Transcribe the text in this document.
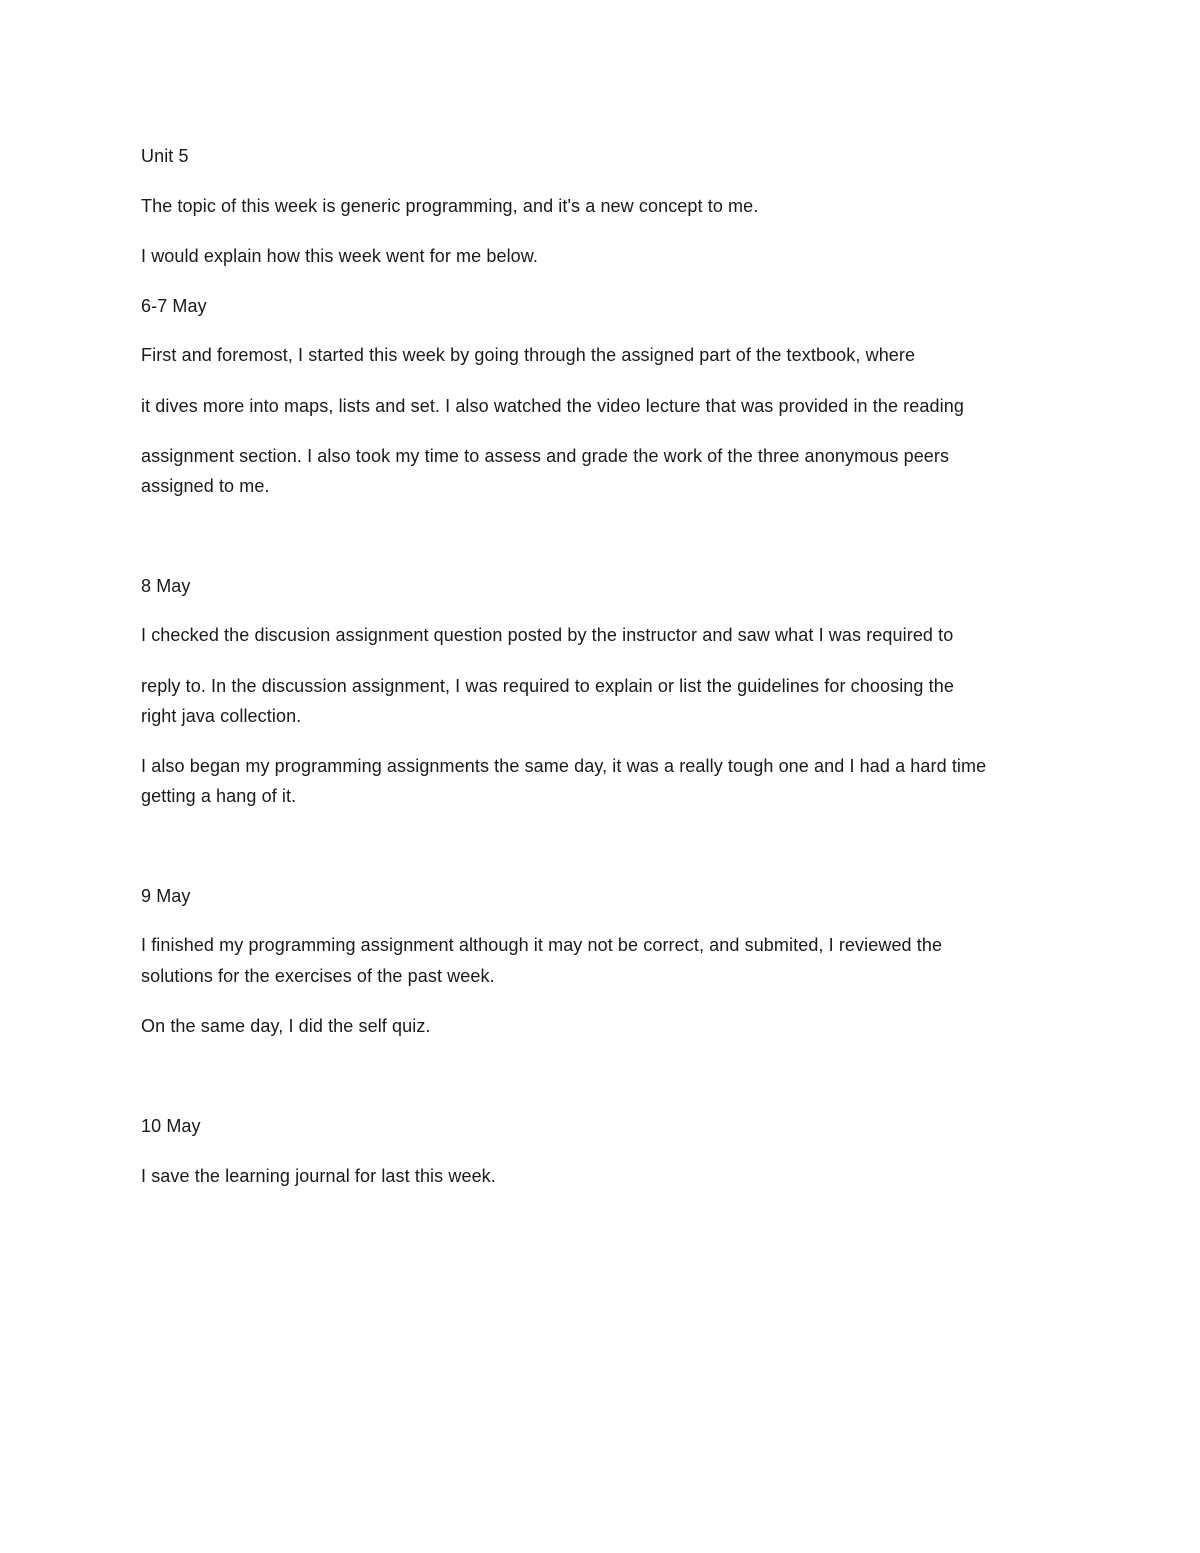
Unit 5
The topic of this week is generic programming, and it's a new concept to me.
I would explain how this week went for me below.
6-7 May
First and foremost, I started this week by going through the assigned part of the textbook, where
it dives more into maps, lists and set. I also watched the video lecture that was provided in the reading
assignment section. I also took my time to assess and grade the work of the three anonymous peers
assigned to me.
8 May
I checked the discusion assignment question posted by the instructor and saw what I was required to
reply to. In the discussion assignment, I was required to explain or list the guidelines for choosing the
right java collection.
I also began my programming assignments the same day, it was a really tough one and I had a hard time
getting a hang of it.
9 May
I finished my programming assignment although it may not be correct, and submited, I reviewed the
solutions for the exercises of the past week.
On the same day, I did the self quiz.
10 May
I save the learning journal for last this week.
